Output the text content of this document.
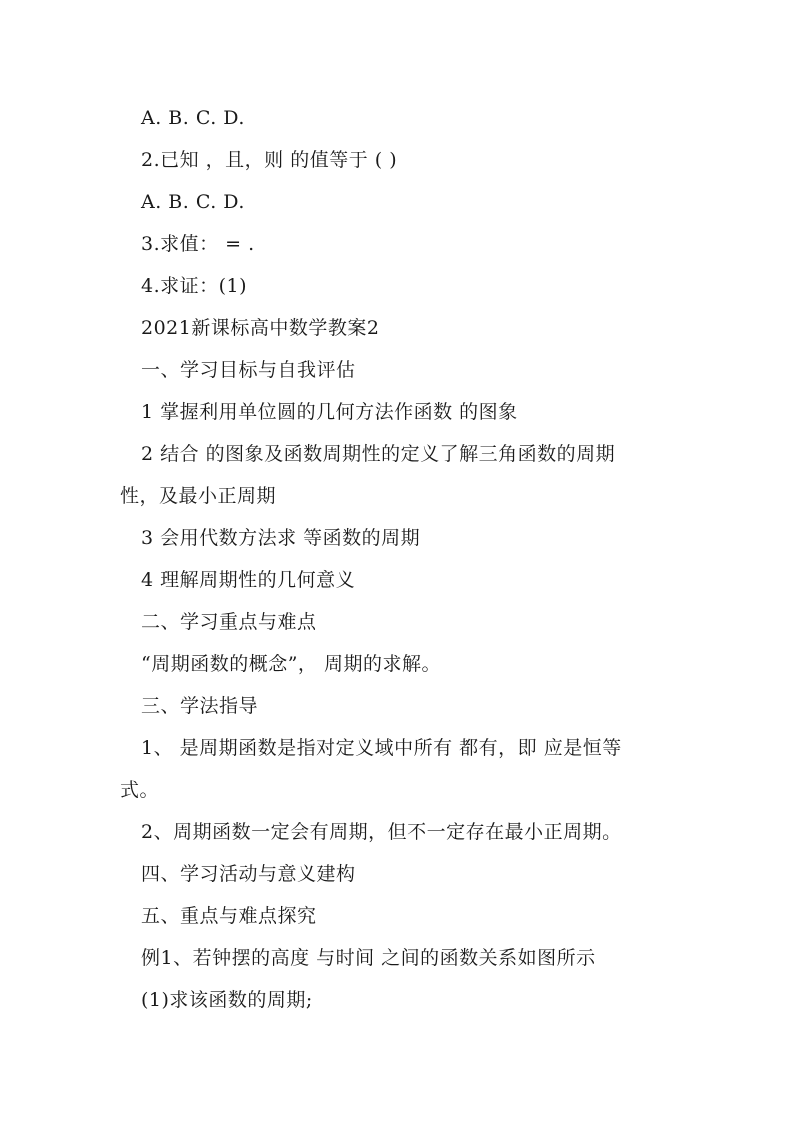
A. B. C. D.
2.已知 ，且，则 的值等于 ( )
A. B. C. D.
3.求值： = .
4.求证：(1)
2021新课标高中数学教案2
一、学习目标与自我评估
1 掌握利用单位圆的几何方法作函数 的图象
2 结合 的图象及函数周期性的定义了解三角函数的周期
性，及最小正周期
3 会用代数方法求 等函数的周期
4 理解周期性的几何意义
二、学习重点与难点
“周期函数的概念”， 周期的求解。
三、学法指导
1、 是周期函数是指对定义域中所有 都有，即 应是恒等
式。
2、周期函数一定会有周期，但不一定存在最小正周期。
四、学习活动与意义建构
五、重点与难点探究
例1、若钟摆的高度 与时间 之间的函数关系如图所示
(1)求该函数的周期;
